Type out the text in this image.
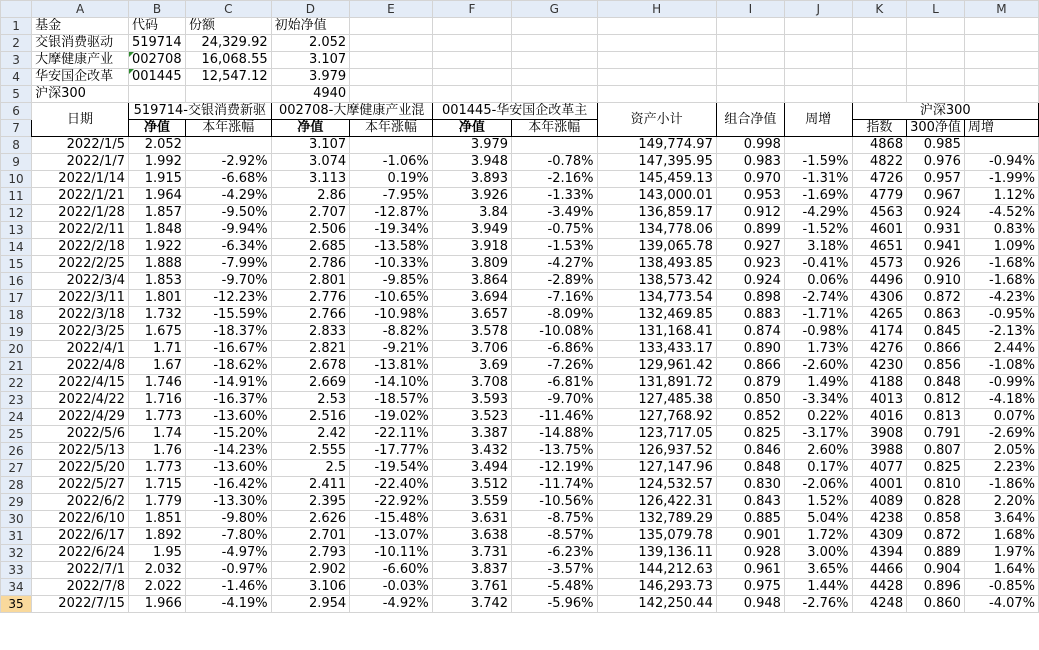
	A	B	C	D	E	F	G	H	I	J	K	L	M
1	基金	代码	份额	初始净值									
2	交银消费驱动	519714	24,329.92	2.052									
3	大摩健康产业	002708	16,068.55	3.107									
4	华安国企改革	001445	12,547.12	3.979									
5	沪深300			4940									
6	日期	519714-交银消费新驱		002708-大摩健康产业混		001445-华安国企改革主		资产小计	组合净值	周增	沪深300		
7		净值	本年涨幅	净值	本年涨幅	净值	本年涨幅				指数	300净值	周增
8	2022/1/5	2.052		3.107		3.979		149,774.97	0.998		4868	0.985	
9	2022/1/7	1.992	-2.92%	3.074	-1.06%	3.948	-0.78%	147,395.95	0.983	-1.59%	4822	0.976	-0.94%
10	2022/1/14	1.915	-6.68%	3.113	0.19%	3.893	-2.16%	145,459.13	0.970	-1.31%	4726	0.957	-1.99%
11	2022/1/21	1.964	-4.29%	2.86	-7.95%	3.926	-1.33%	143,000.01	0.953	-1.69%	4779	0.967	1.12%
12	2022/1/28	1.857	-9.50%	2.707	-12.87%	3.84	-3.49%	136,859.17	0.912	-4.29%	4563	0.924	-4.52%
13	2022/2/11	1.848	-9.94%	2.506	-19.34%	3.949	-0.75%	134,778.06	0.899	-1.52%	4601	0.931	0.83%
14	2022/2/18	1.922	-6.34%	2.685	-13.58%	3.918	-1.53%	139,065.78	0.927	3.18%	4651	0.941	1.09%
15	2022/2/25	1.888	-7.99%	2.786	-10.33%	3.809	-4.27%	138,493.85	0.923	-0.41%	4573	0.926	-1.68%
16	2022/3/4	1.853	-9.70%	2.801	-9.85%	3.864	-2.89%	138,573.42	0.924	0.06%	4496	0.910	-1.68%
17	2022/3/11	1.801	-12.23%	2.776	-10.65%	3.694	-7.16%	134,773.54	0.898	-2.74%	4306	0.872	-4.23%
18	2022/3/18	1.732	-15.59%	2.766	-10.98%	3.657	-8.09%	132,469.85	0.883	-1.71%	4265	0.863	-0.95%
19	2022/3/25	1.675	-18.37%	2.833	-8.82%	3.578	-10.08%	131,168.41	0.874	-0.98%	4174	0.845	-2.13%
20	2022/4/1	1.71	-16.67%	2.821	-9.21%	3.706	-6.86%	133,433.17	0.890	1.73%	4276	0.866	2.44%
21	2022/4/8	1.67	-18.62%	2.678	-13.81%	3.69	-7.26%	129,961.42	0.866	-2.60%	4230	0.856	-1.08%
22	2022/4/15	1.746	-14.91%	2.669	-14.10%	3.708	-6.81%	131,891.72	0.879	1.49%	4188	0.848	-0.99%
23	2022/4/22	1.716	-16.37%	2.53	-18.57%	3.593	-9.70%	127,485.38	0.850	-3.34%	4013	0.812	-4.18%
24	2022/4/29	1.773	-13.60%	2.516	-19.02%	3.523	-11.46%	127,768.92	0.852	0.22%	4016	0.813	0.07%
25	2022/5/6	1.74	-15.20%	2.42	-22.11%	3.387	-14.88%	123,717.05	0.825	-3.17%	3908	0.791	-2.69%
26	2022/5/13	1.76	-14.23%	2.555	-17.77%	3.432	-13.75%	126,937.52	0.846	2.60%	3988	0.807	2.05%
27	2022/5/20	1.773	-13.60%	2.5	-19.54%	3.494	-12.19%	127,147.96	0.848	0.17%	4077	0.825	2.23%
28	2022/5/27	1.715	-16.42%	2.411	-22.40%	3.512	-11.74%	124,532.57	0.830	-2.06%	4001	0.810	-1.86%
29	2022/6/2	1.779	-13.30%	2.395	-22.92%	3.559	-10.56%	126,422.31	0.843	1.52%	4089	0.828	2.20%
30	2022/6/10	1.851	-9.80%	2.626	-15.48%	3.631	-8.75%	132,789.29	0.885	5.04%	4238	0.858	3.64%
31	2022/6/17	1.892	-7.80%	2.701	-13.07%	3.638	-8.57%	135,079.78	0.901	1.72%	4309	0.872	1.68%
32	2022/6/24	1.95	-4.97%	2.793	-10.11%	3.731	-6.23%	139,136.11	0.928	3.00%	4394	0.889	1.97%
33	2022/7/1	2.032	-0.97%	2.902	-6.60%	3.837	-3.57%	144,212.63	0.961	3.65%	4466	0.904	1.64%
34	2022/7/8	2.022	-1.46%	3.106	-0.03%	3.761	-5.48%	146,293.73	0.975	1.44%	4428	0.896	-0.85%
35	2022/7/15	1.966	-4.19%	2.954	-4.92%	3.742	-5.96%	142,250.44	0.948	-2.76%	4248	0.860	-4.07%
